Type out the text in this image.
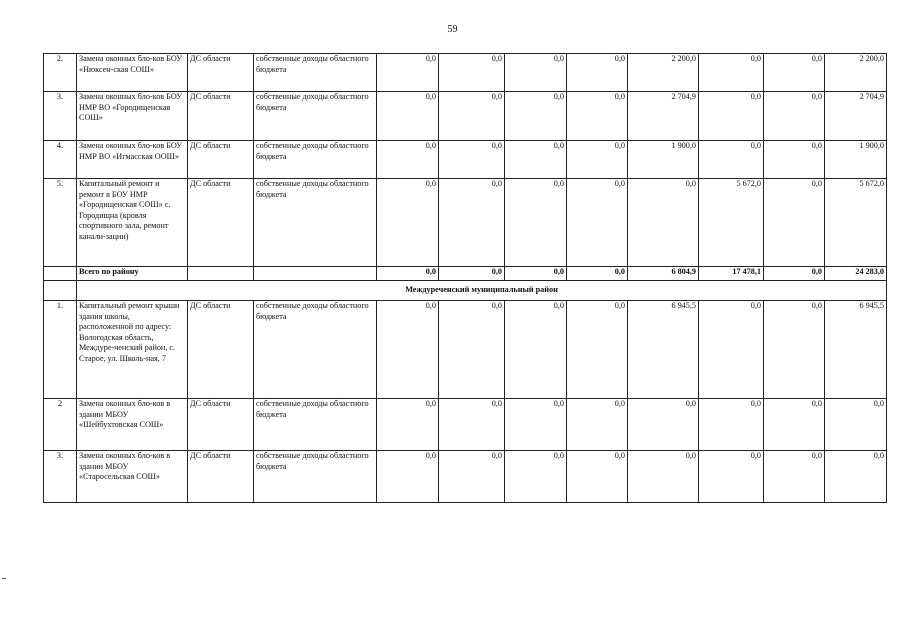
59
2.	Замена оконных бло-ков БОУ «Нюксен-ская СОШ»	ДС области	собственные доходы областного бюджета	0,0	0,0	0,0	0,0	2 200,0	0,0	0,0	2 200,0
3.	Замена оконных бло-ков БОУ НМР ВО «Городищенская СОШ»	ДС области	собственные доходы областного бюджета	0,0	0,0	0,0	0,0	2 704,9	0,0	0,0	2 704,9
4.	Замена оконных бло-ков БОУ НМР ВО «Игмасская ООШ»	ДС области	собственные доходы областного бюджета	0,0	0,0	0,0	0,0	1 900,0	0,0	0,0	1 900,0
5.	Капитальный ремонт и ремонт в БОУ НМР «Городищенская СОШ» с. Городищна (кровля спортивного зала, ремонт канали-зации)	ДС области	собственные доходы областного бюджета	0,0	0,0	0,0	0,0	0,0	5 672,0	0,0	5 672,0
	Всего по району			0,0	0,0	0,0	0,0	6 804,9	17 478,1	0,0	24 283,0
	Междуреченский муниципальный район										
1.	Капитальный ремонт крыши здания школы, расположенной по адресу: Вологодская область, Междуре-ченский район, с. Старое, ул. Школь-ная, 7	ДС области	собственные доходы областного бюджета	0,0	0,0	0,0	0,0	6 945,5	0,0	0,0	6 945,5
2	Замена оконных бло-ков в здании МБОУ «Шейбухтовская СОШ»	ДС области	собственные доходы областного бюджета	0,0	0,0	0,0	0,0	0,0	0,0	0,0	0,0
3.	Замена оконных бло-ков в здании МБОУ «Старосельская СОШ»	ДС области	собственные доходы областного бюджета	0,0	0,0	0,0	0,0	0,0	0,0	0,0	0,0
